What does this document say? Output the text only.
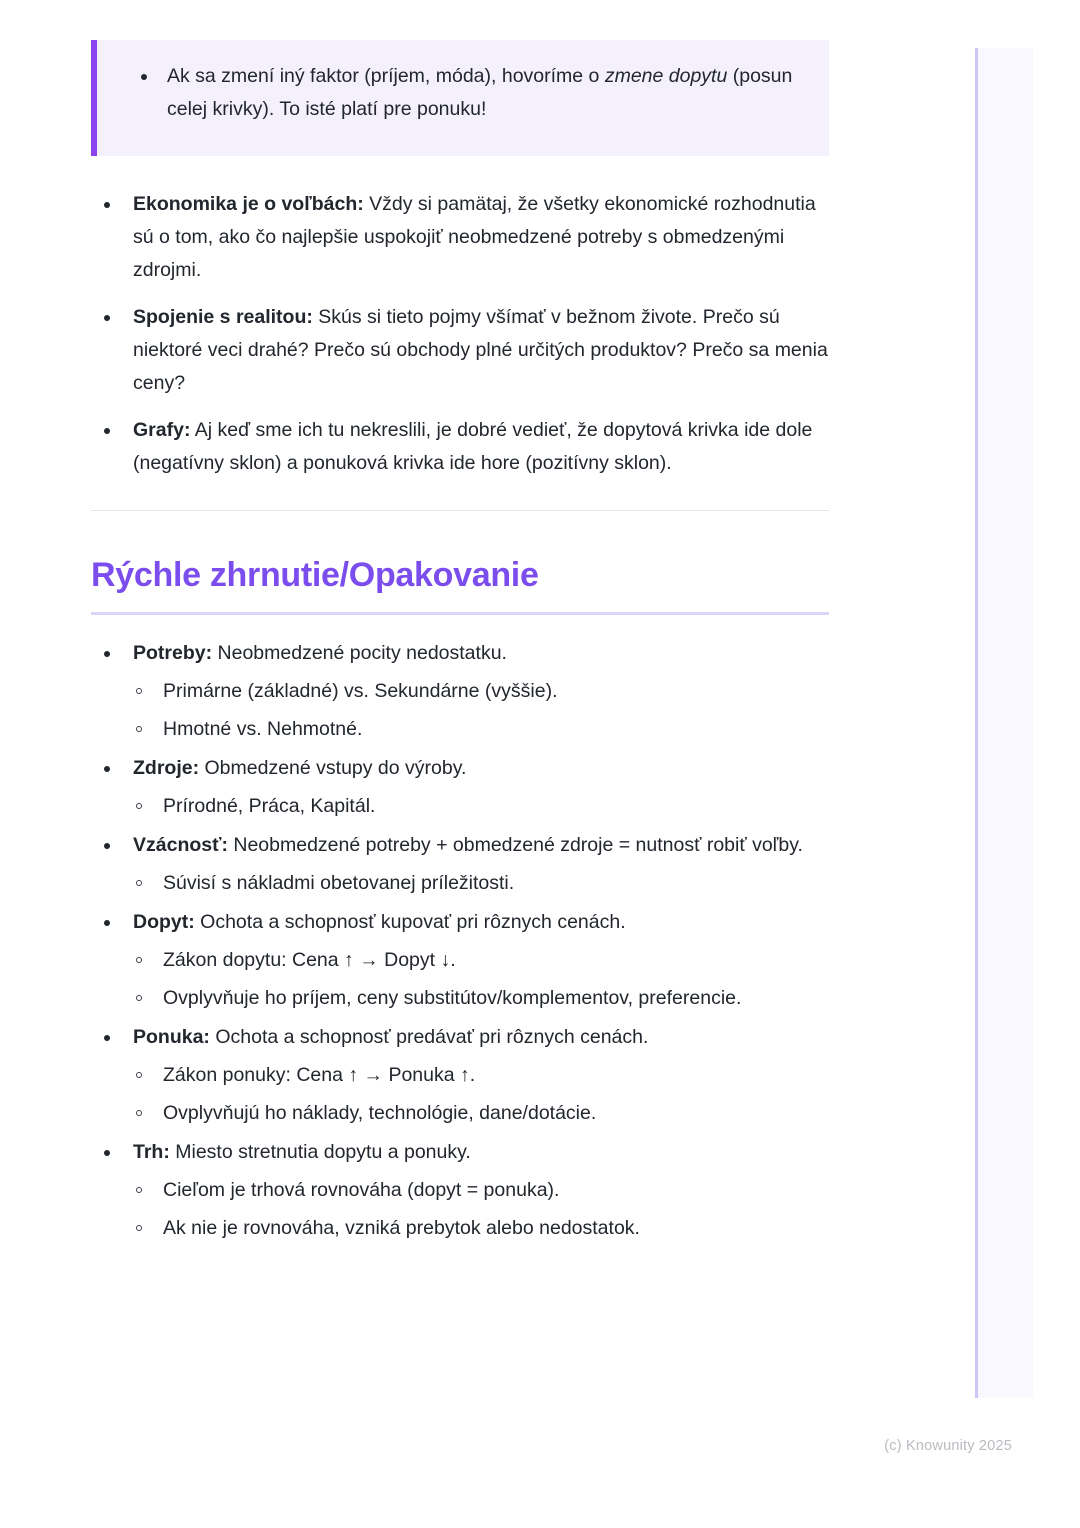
Ak sa zmení iný faktor (príjem, móda), hovoríme o zmene dopytu (posun celej krivky). To isté platí pre ponuku!
Ekonomika je o voľbách: Vždy si pamätaj, že všetky ekonomické rozhodnutia sú o tom, ako čo najlepšie uspokojiť neobmedzené potreby s obmedzenými zdrojmi.
Spojenie s realitou: Skús si tieto pojmy všímať v bežnom živote. Prečo sú niektoré veci drahé? Prečo sú obchody plné určitých produktov? Prečo sa menia ceny?
Grafy: Aj keď sme ich tu nekreslili, je dobré vedieť, že dopytová krivka ide dole (negatívny sklon) a ponuková krivka ide hore (pozitívny sklon).
Rýchle zhrnutie/Opakovanie
Potreby: Neobmedzené pocity nedostatku.
Primárne (základné) vs. Sekundárne (vyššie).
Hmotné vs. Nehmotné.
Zdroje: Obmedzené vstupy do výroby.
Prírodné, Práca, Kapitál.
Vzácnosť: Neobmedzené potreby + obmedzené zdroje = nutnosť robiť voľby.
Súvisí s nákladmi obetovanej príležitosti.
Dopyt: Ochota a schopnosť kupovať pri rôznych cenách.
Zákon dopytu: Cena ↑ → Dopyt ↓.
Ovplyvňuje ho príjem, ceny substitútov/komplementov, preferencie.
Ponuka: Ochota a schopnosť predávať pri rôznych cenách.
Zákon ponuky: Cena ↑ → Ponuka ↑.
Ovplyvňujú ho náklady, technológie, dane/dotácie.
Trh: Miesto stretnutia dopytu a ponuky.
Cieľom je trhová rovnováha (dopyt = ponuka).
Ak nie je rovnováha, vzniká prebytok alebo nedostatok.
(c) Knowunity 2025
